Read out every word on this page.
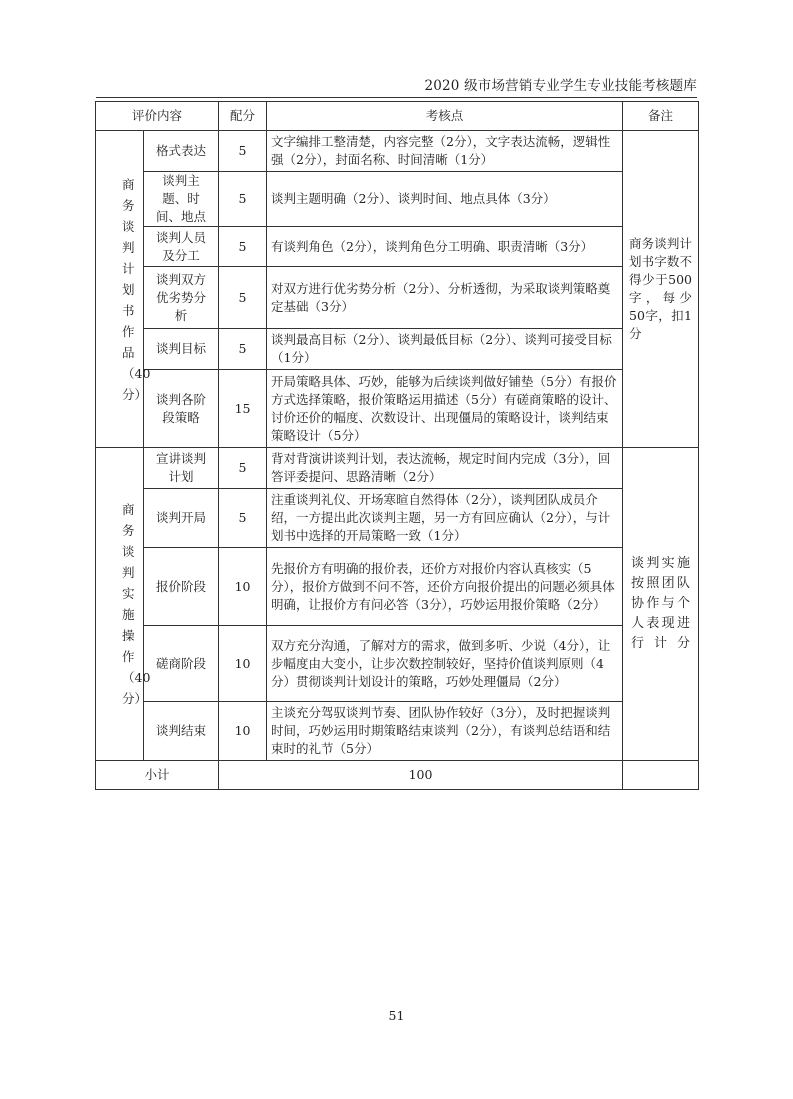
2020 级市场营销专业学生专业技能考核题库
评价内容		配分	考核点	备注
商务谈判计划书作品（40分）	格式表达	5	文字编排工整清楚，内容完整（2分），文字表达流畅，逻辑性强（2分），封面名称、时间清晰（1分）	商务谈判计划书字数不得少于500字，每少50字，扣1分
	谈判主题、时间、地点	5	谈判主题明确（2分）、谈判时间、地点具体（3分）	
	谈判人员及分工	5	有谈判角色（2分），谈判角色分工明确、职责清晰（3分）	
	谈判双方优劣势分析	5	对双方进行优劣势分析（2分）、分析透彻，为采取谈判策略奠定基础（3分）	
	谈判目标	5	谈判最高目标（2分）、谈判最低目标（2分）、谈判可接受目标（1分）	
	谈判各阶段策略	15	开局策略具体、巧妙，能够为后续谈判做好铺垫（5分）有报价方式选择策略，报价策略运用描述（5分）有磋商策略的设计、讨价还价的幅度、次数设计、出现僵局的策略设计，谈判结束策略设计（5分）	
商务谈判实施操作（40分）	宣讲谈判计划	5	背对背演讲谈判计划，表达流畅，规定时间内完成（3分），回答评委提问、思路清晰（2分）	谈判实施按照团队协作与个人表现进行计分
	谈判开局	5	注重谈判礼仪、开场寒暄自然得体（2分），谈判团队成员介绍，一方提出此次谈判主题，另一方有回应确认（2分），与计划书中选择的开局策略一致（1分）	
	报价阶段	10	先报价方有明确的报价表，还价方对报价内容认真核实（5分），报价方做到不问不答，还价方向报价提出的问题必须具体明确，让报价方有问必答（3分），巧妙运用报价策略（2分）	
	磋商阶段	10	双方充分沟通，了解对方的需求，做到多听、少说（4分），让步幅度由大变小，让步次数控制较好，坚持价值谈判原则（4分）贯彻谈判计划设计的策略，巧妙处理僵局（2分）	
	谈判结束	10	主谈充分驾驭谈判节奏、团队协作较好（3分），及时把握谈判时间，巧妙运用时期策略结束谈判（2分），有谈判总结语和结束时的礼节（5分）	
小计		100		
51
